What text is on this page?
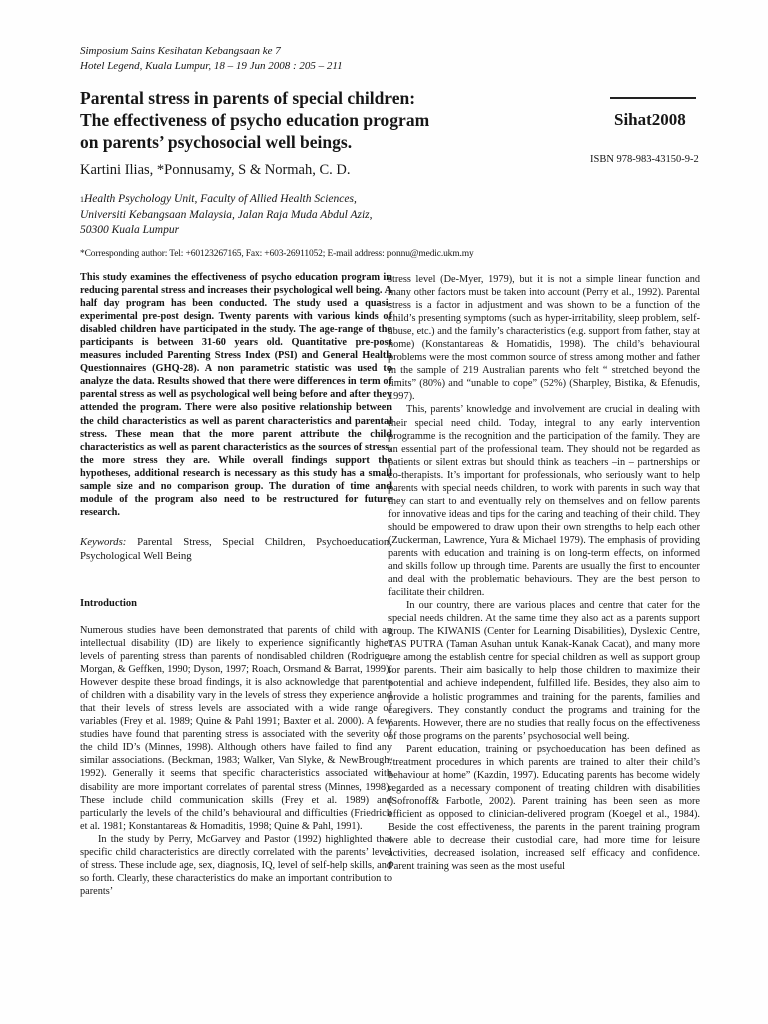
Simposium Sains Kesihatan Kebangsaan ke 7
Hotel Legend, Kuala Lumpur, 18 – 19 Jun 2008 : 205 – 211
Parental stress in parents of special children:
The effectiveness of psycho education program
on parents’ psychosocial well beings.
Sihat2008
ISBN 978-983-43150-9-2
Kartini Ilias, *Ponnusamy, S & Normah, C. D.
$^1$Health Psychology Unit, Faculty of Allied Health Sciences,
Universiti Kebangsaan Malaysia, Jalan Raja Muda Abdul Aziz,
50300 Kuala Lumpur
*Corresponding author: Tel: +60123267165, Fax: +603-26911052; E-mail address: ponnu@medic.ukm.my

This study examines the effectiveness of psycho education program in reducing parental stress and increases their psychological well being. A half day program has been conducted. The study used a quasi-experimental pre-post design. Twenty parents with various kinds of disabled children have participated in the study. The age-range of the participants is between 31-60 years old. Quantitative pre-post measures included Parenting Stress Index (PSI) and General Health Questionnaires (GHQ-28). A non parametric statistic was used to analyze the data. Results showed that there were differences in term of parental stress as well as psychological well being before and after they attended the program. There were also positive relationship between the child characteristics as well as parent characteristics and parental stress. These mean that the more parent attribute the child characteristics as well as parent characteristics as the sources of stress, the more stress they are. While overall findings support the hypotheses, additional research is necessary as this study has a small sample size and no comparison group. The duration of time and module of the program also need to be restructured for future research.

Keywords: Parental Stress, Special Children, Psychoeducation, Psychological Well Being

Introduction

Numerous studies have been demonstrated that parents of child with an intellectual disability (ID) are likely to experience significantly higher levels of parenting stress than parents of nondisabled children (Rodrigue, Morgan, & Geffken, 1990; Dyson, 1997; Roach, Orsmand & Barrat, 1999). However despite these broad findings, it is also acknowledge that parents of children with a disability vary in the levels of stress they experience and that their levels of stress levels are associated with a wide range of variables (Frey et al. 1989; Quine & Pahl 1991; Baxter et al. 2000). A few studies have found that parenting stress is associated with the severity of the child ID’s (Minnes, 1998). Although others have failed to find any similar associations. (Beckman, 1983; Walker, Van Slyke, & NewBrough, 1992). Generally it seems that specific characteristics associated with disability are more important correlates of parental stress (Minnes, 1998). These include child communication skills (Frey et al. 1989) and particularly the levels of the child’s behavioural and difficulties (Friedrich et al. 1981; Konstantareas & Homaditis, 1998; Quine & Pahl, 1991).

In the study by Perry, McGarvey and Pastor (1992) highlighted that specific child characteristics are directly correlated with the parents’ level of stress. These include age, sex, diagnosis, IQ, level of self-help skills, and so forth. Clearly, these characteristics do make an important contribution to parents’

stress level (De-Myer, 1979), but it is not a simple linear function and many other factors must be taken into account (Perry et al., 1992). Parental stress is a factor in adjustment and was shown to be a function of the child’s presenting symptoms (such as hyper-irritability, sleep problem, self-abuse, etc.) and the family’s characteristics (e.g. support from father, stay at home) (Konstantareas & Homatidis, 1998). The child’s behavioural problems were the most common source of stress among mother and father in the sample of 219 Australian parents who felt “ stretched beyond the limits” (80%) and “unable to cope” (52%) (Sharpley, Bistika, & Efenudis, 1997).

This, parents’ knowledge and involvement are crucial in dealing with their special need child. Today, integral to any early intervention programme is the recognition and the participation of the family. They are an essential part of the professional team. They should not be regarded as patients or silent extras but should think as teachers –in – partnerships or co-therapists. It’s important for professionals, who seriously want to help parents with special needs children, to work with parents in such way that they can start to and eventually rely on themselves and on fellow parents for innovative ideas and tips for the caring and teaching of their child. They should be empowered to draw upon their own strengths to help each other (Zuckerman, Lawrence, Yura & Michael 1979). The emphasis of providing parents with education and training is on long-term effects, on informed and skills follow up through time. Parents are usually the first to encounter and deal with the problematic behaviours. They are the best person to facilitate their children.

In our country, there are various places and centre that cater for the special needs children. At the same time they also act as a parents support group. The KIWANIS (Center for Learning Disabilities), Dyslexic Centre, TAS PUTRA (Taman Asuhan untuk Kanak-Kanak Cacat), and many more are among the establish centre for special children as well as support group for parents. Their aim basically to help those children to maximize their potential and achieve independent, fulfilled life. Besides, they also aim to provide a holistic programmes and training for the parents, families and caregivers. They constantly conduct the programs and training for the parents. However, there are no studies that really focus on the effectiveness of those programs on the parents’ psychosocial well being.

Parent education, training or psychoeducation has been defined as “treatment procedures in which parents are trained to alter their child’s behaviour at home” (Kazdin, 1997). Educating parents has become widely regarded as a necessary component of treating children with disabilities (Sofronoff& Farbotle, 2002). Parent training has been seen as more efficient as opposed to clinician-delivered program (Koegel et al., 1984). Beside the cost effectiveness, the parents in the parent training program were able to decrease their custodial care, had more time for leisure activities, decreased isolation, increased self efficacy and confidence. Parent training was seen as the most useful
